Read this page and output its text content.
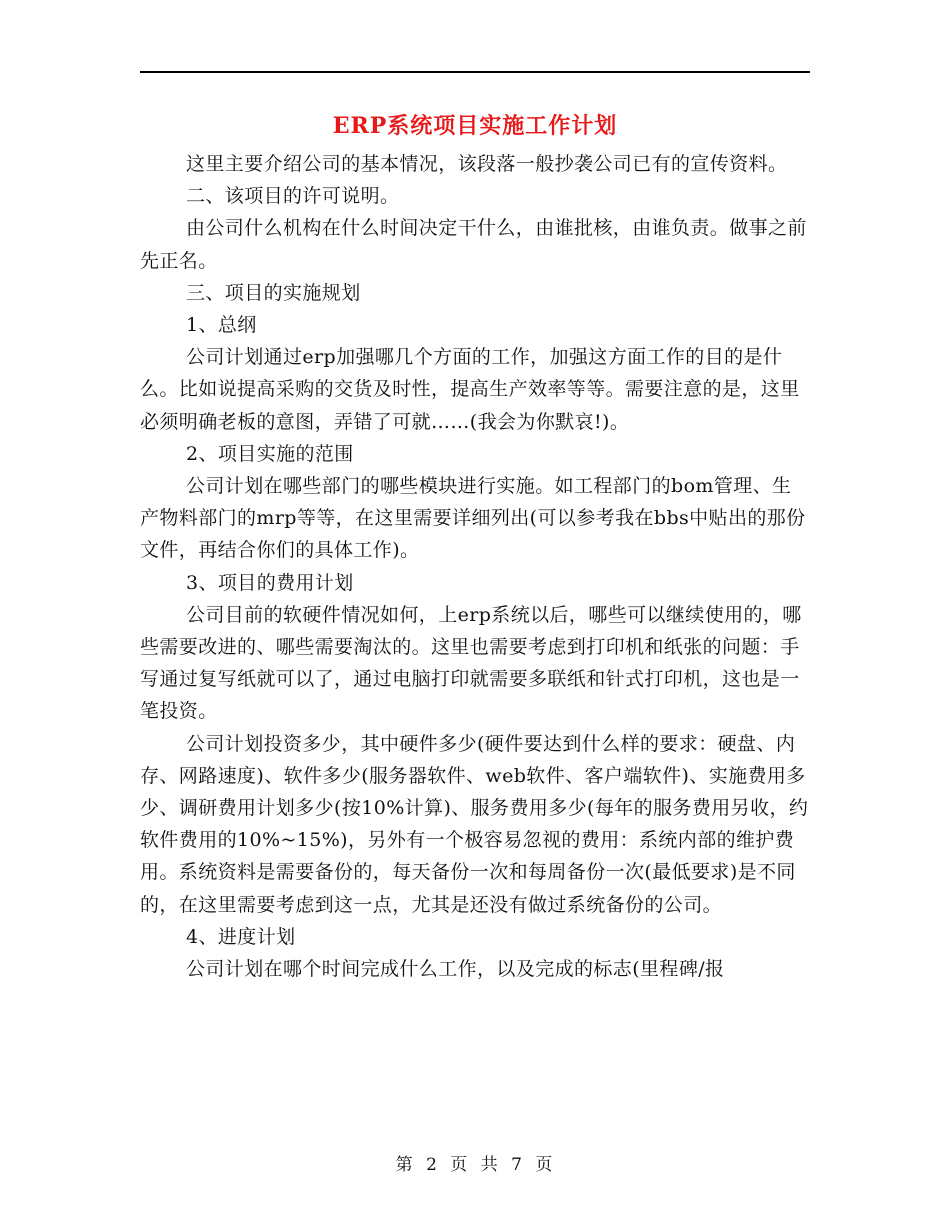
ERP系统项目实施工作计划

这里主要介绍公司的基本情况，该段落一般抄袭公司已有的宣传资料。

二、该项目的许可说明。

由公司什么机构在什么时间决定干什么，由谁批核，由谁负责。做事之前先正名。

三、项目的实施规划

1、总纲

公司计划通过erp加强哪几个方面的工作，加强这方面工作的目的是什么。比如说提高采购的交货及时性，提高生产效率等等。需要注意的是，这里必须明确老板的意图，弄错了可就……(我会为你默哀!)。

2、项目实施的范围

公司计划在哪些部门的哪些模块进行实施。如工程部门的bom管理、生产物料部门的mrp等等，在这里需要详细列出(可以参考我在bbs中贴出的那份文件，再结合你们的具体工作)。

3、项目的费用计划

公司目前的软硬件情况如何，上erp系统以后，哪些可以继续使用的，哪些需要改进的、哪些需要淘汰的。这里也需要考虑到打印机和纸张的问题：手写通过复写纸就可以了，通过电脑打印就需要多联纸和针式打印机，这也是一笔投资。

公司计划投资多少，其中硬件多少(硬件要达到什么样的要求：硬盘、内存、网路速度)、软件多少(服务器软件、web软件、客户端软件)、实施费用多少、调研费用计划多少(按10%计算)、服务费用多少(每年的服务费用另收，约软件费用的10%~15%)，另外有一个极容易忽视的费用：系统内部的维护费用。系统资料是需要备份的，每天备份一次和每周备份一次(最低要求)是不同的，在这里需要考虑到这一点，尤其是还没有做过系统备份的公司。

4、进度计划

公司计划在哪个时间完成什么工作，以及完成的标志(里程碑/报

第 2 页 共 7 页
